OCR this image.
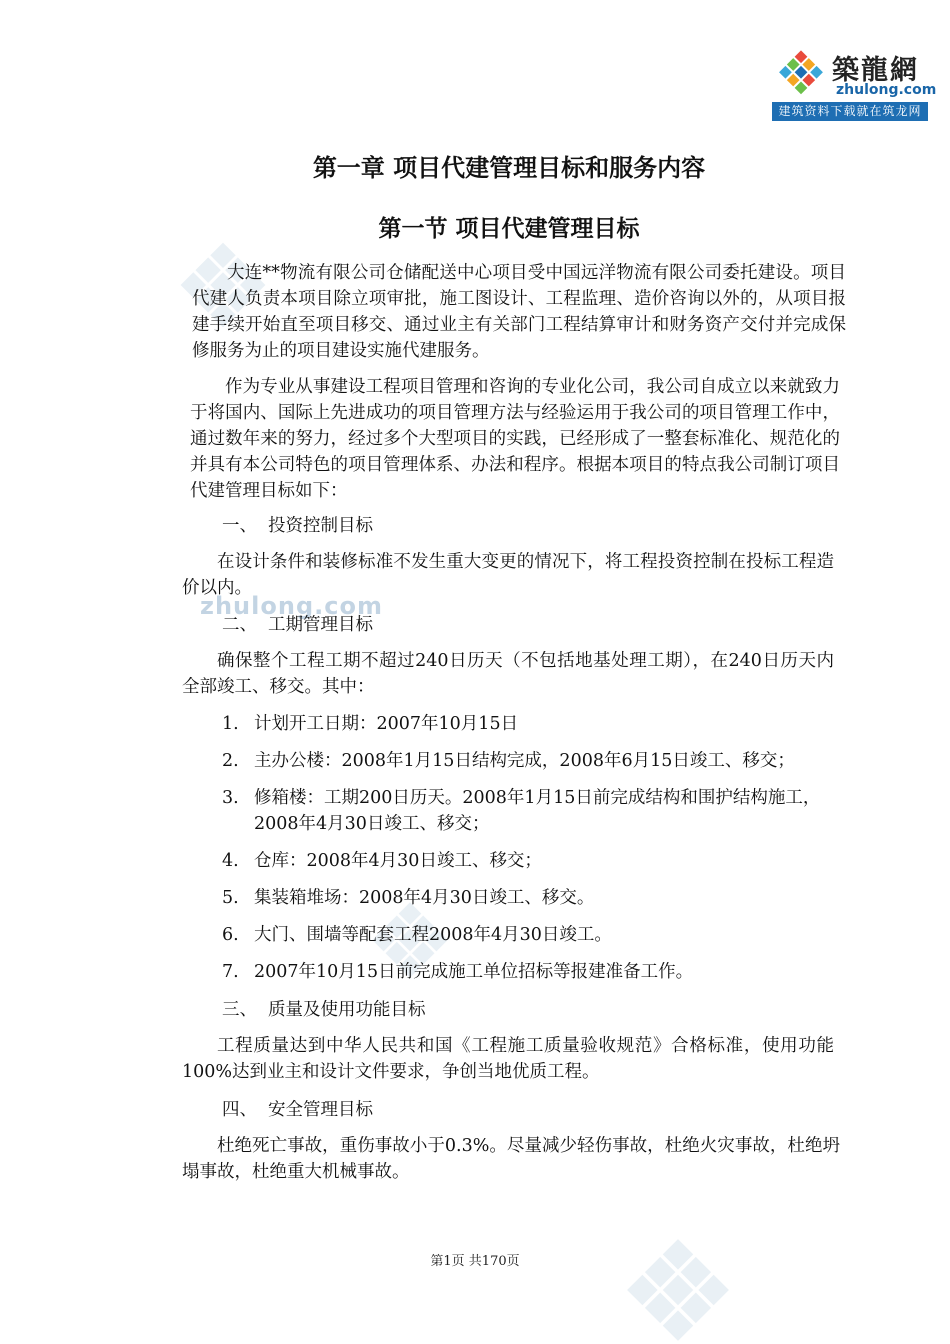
築龍網
zhulong.com
建筑资料下载就在筑龙网
zhulong.com
第一章 项目代建管理目标和服务内容
第一节 项目代建管理目标

大连**物流有限公司仓储配送中心项目受中国远洋物流有限公司委托建设。项目代建人负责本项目除立项审批，施工图设计、工程监理、造价咨询以外的，从项目报建手续开始直至项目移交、通过业主有关部门工程结算审计和财务资产交付并完成保修服务为止的项目建设实施代建服务。

作为专业从事建设工程项目管理和咨询的专业化公司，我公司自成立以来就致力于将国内、国际上先进成功的项目管理方法与经验运用于我公司的项目管理工作中，通过数年来的努力，经过多个大型项目的实践，已经形成了一整套标准化、规范化的并具有本公司特色的项目管理体系、办法和程序。根据本项目的特点我公司制订项目代建管理目标如下：

一、 投资控制目标

在设计条件和装修标准不发生重大变更的情况下，将工程投资控制在投标工程造价以内。

二、 工期管理目标

确保整个工程工期不超过240日历天（不包括地基处理工期），在240日历天内全部竣工、移交。其中：

1. 计划开工日期：2007年10月15日
2. 主办公楼：2008年1月15日结构完成，2008年6月15日竣工、移交；
3. 修箱楼：工期200日历天。2008年1月15日前完成结构和围护结构施工，2008年4月30日竣工、移交；
4. 仓库：2008年4月30日竣工、移交；
5. 集装箱堆场：2008年4月30日竣工、移交。
6. 大门、围墙等配套工程2008年4月30日竣工。
7. 2007年10月15日前完成施工单位招标等报建准备工作。
三、 质量及使用功能目标

工程质量达到中华人民共和国《工程施工质量验收规范》合格标准，使用功能100%达到业主和设计文件要求，争创当地优质工程。

四、 安全管理目标

杜绝死亡事故，重伤事故小于0.3%。尽量减少轻伤事故，杜绝火灾事故，杜绝坍塌事故，杜绝重大机械事故。

第1页 共170页
